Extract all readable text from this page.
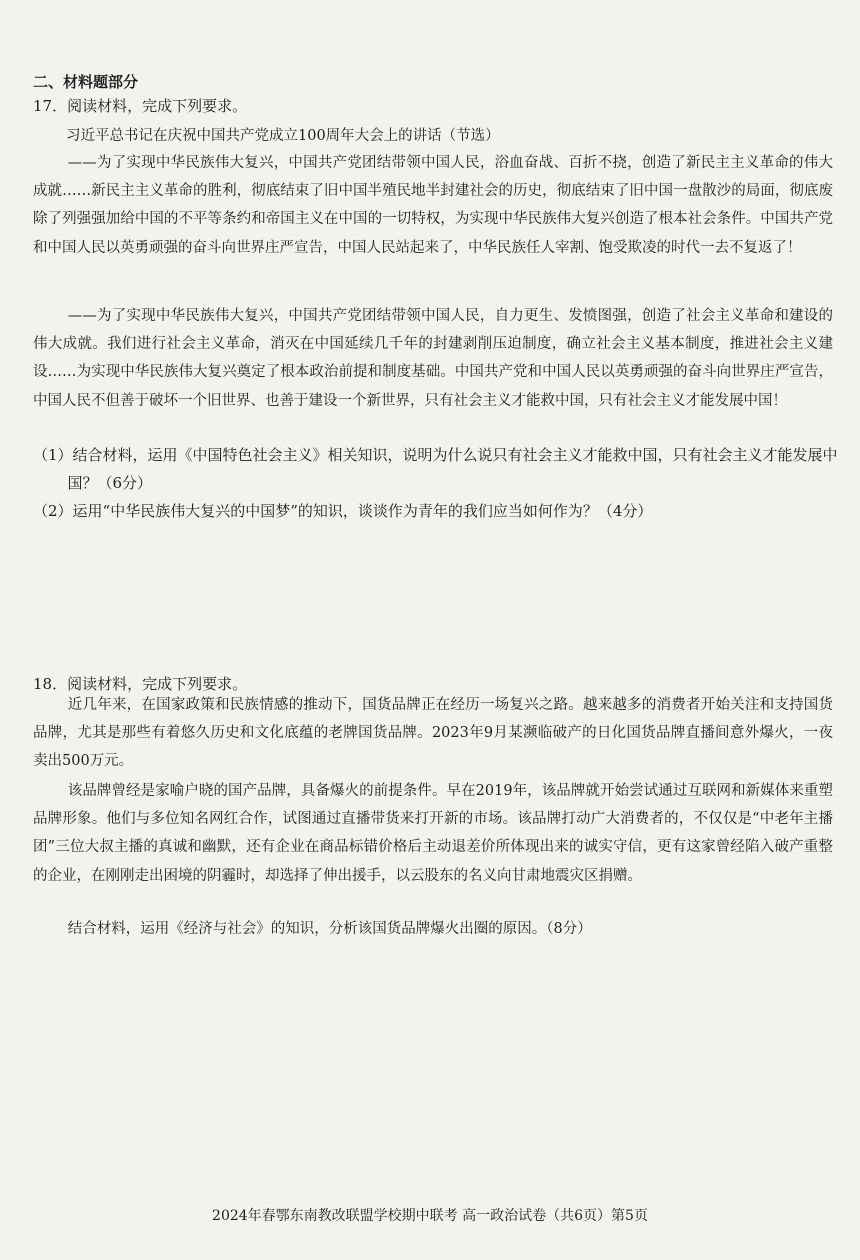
二、材料题部分
17．阅读材料，完成下列要求。
习近平总书记在庆祝中国共产党成立100周年大会上的讲话（节选）

——为了实现中华民族伟大复兴，中国共产党团结带领中国人民，浴血奋战、百折不挠，创造了新民主主义革命的伟大成就……新民主主义革命的胜利，彻底结束了旧中国半殖民地半封建社会的历史，彻底结束了旧中国一盘散沙的局面，彻底废除了列强强加给中国的不平等条约和帝国主义在中国的一切特权，为实现中华民族伟大复兴创造了根本社会条件。中国共产党和中国人民以英勇顽强的奋斗向世界庄严宣告，中国人民站起来了，中华民族任人宰割、饱受欺凌的时代一去不复返了！

——为了实现中华民族伟大复兴，中国共产党团结带领中国人民，自力更生、发愤图强，创造了社会主义革命和建设的伟大成就。我们进行社会主义革命，消灭在中国延续几千年的封建剥削压迫制度，确立社会主义基本制度，推进社会主义建设……为实现中华民族伟大复兴奠定了根本政治前提和制度基础。中国共产党和中国人民以英勇顽强的奋斗向世界庄严宣告，中国人民不但善于破坏一个旧世界、也善于建设一个新世界，只有社会主义才能救中国，只有社会主义才能发展中国！

（1）结合材料，运用《中国特色社会主义》相关知识，说明为什么说只有社会主义才能救中国，只有社会主义才能发展中国？（6分）
（2）运用“中华民族伟大复兴的中国梦”的知识，谈谈作为青年的我们应当如何作为？（4分）
18．阅读材料，完成下列要求。

近几年来，在国家政策和民族情感的推动下，国货品牌正在经历一场复兴之路。越来越多的消费者开始关注和支持国货品牌，尤其是那些有着悠久历史和文化底蕴的老牌国货品牌。2023年9月某濒临破产的日化国货品牌直播间意外爆火，一夜卖出500万元。

该品牌曾经是家喻户晓的国产品牌，具备爆火的前提条件。早在2019年，该品牌就开始尝试通过互联网和新媒体来重塑品牌形象。他们与多位知名网红合作，试图通过直播带货来打开新的市场。该品牌打动广大消费者的，不仅仅是“中老年主播团”三位大叔主播的真诚和幽默，还有企业在商品标错价格后主动退差价所体现出来的诚实守信，更有这家曾经陷入破产重整的企业，在刚刚走出困境的阴霾时，却选择了伸出援手，以云股东的名义向甘肃地震灾区捐赠。

结合材料，运用《经济与社会》的知识，分析该国货品牌爆火出圈的原因。（8分）

2024年春鄂东南教改联盟学校期中联考 高一政治试卷（共6页）第5页
